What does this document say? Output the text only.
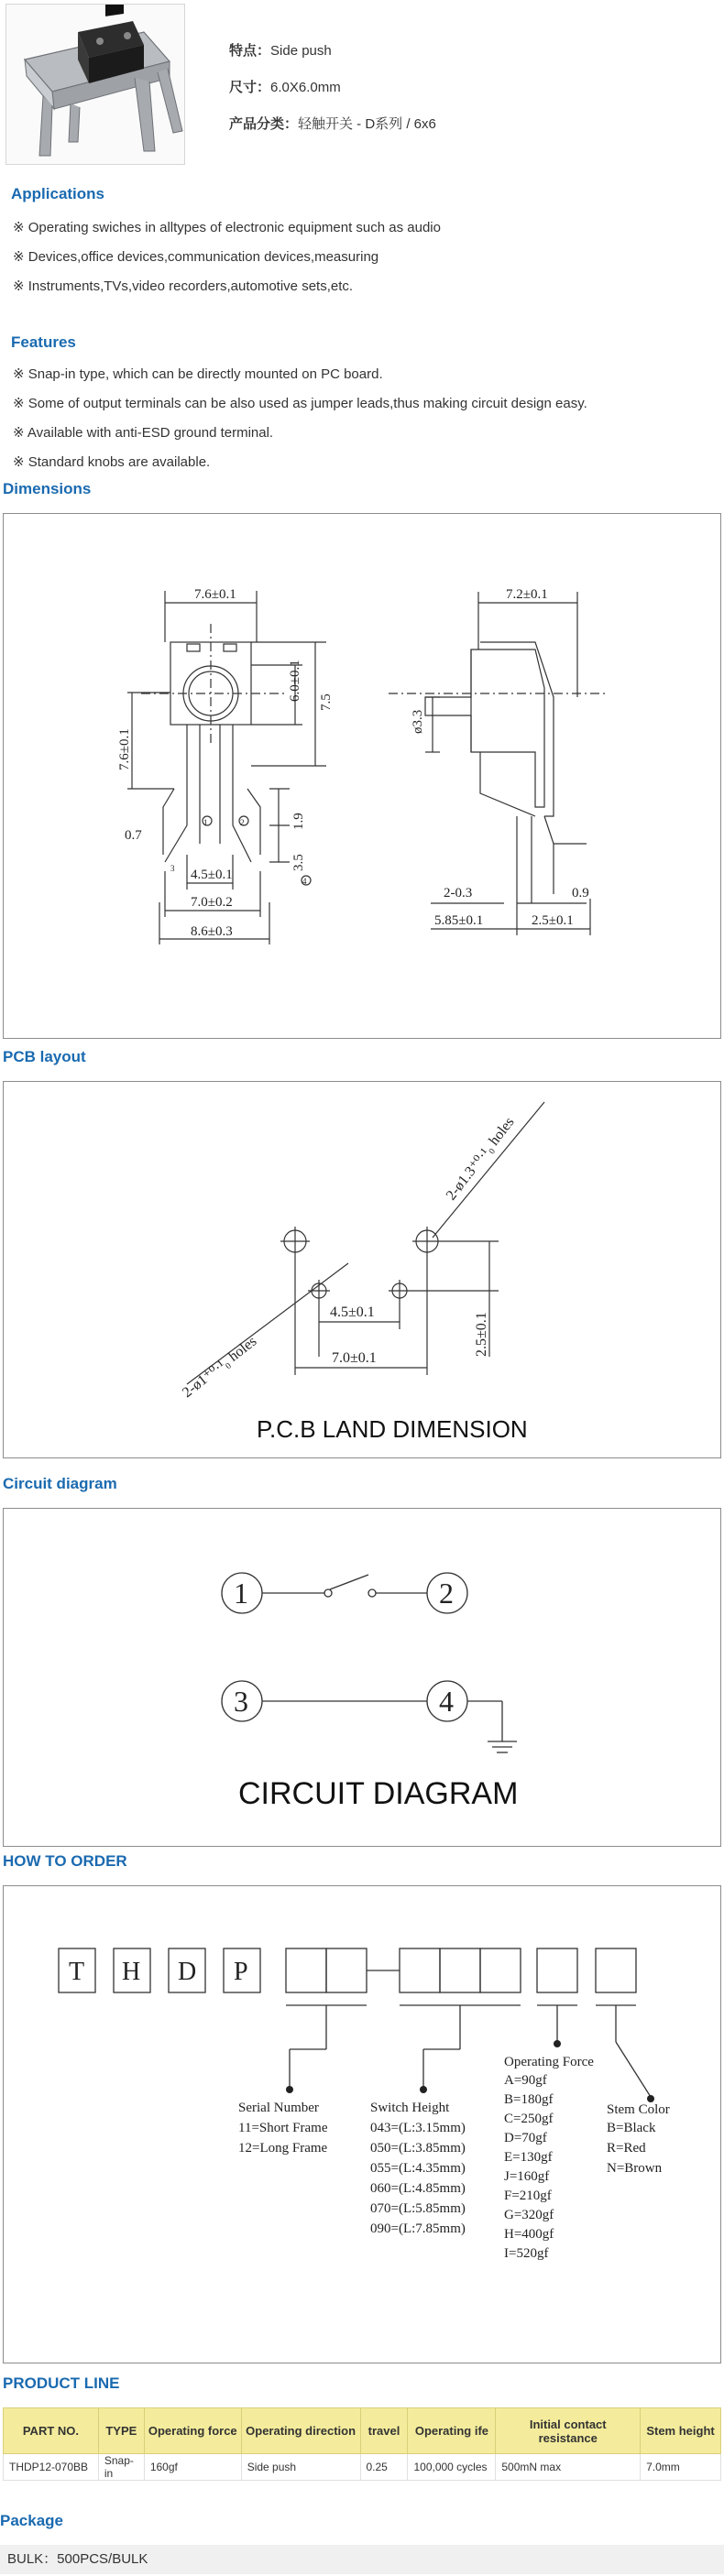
特点：Side push
尺寸：6.0X6.0mm
产品分类：轻触开关 - D系列 / 6x6
Applications
※ Operating swiches in alltypes of electronic equipment such as audio
※ Devices,office devices,communication devices,measuring
※ Instruments,TVs,video recorders,automotive sets,etc.
Features
※ Snap-in type, which can be directly mounted on PC board.
※ Some of output terminals can be also used as jumper leads,thus making circuit design easy.
※ Available with anti-ESD ground terminal.
※ Standard knobs are available.
Dimensions
7.6±0.1	7.2±0.1
6.0±0.1
7.5
ø3.3
7.6±0.1
0.7
1.9
3.5
4.5±0.1
7.0±0.2
8.6±0.3
2-0.3	0.9
5.85±0.1	2.5±0.1
1	2
3
4
PCB layout
2-ø1.3⁺⁰·¹₀ holes
2-ø1⁺⁰·¹₀ holes
4.5±0.1
7.0±0.1
2.5±0.1
P.C.B LAND DIMENSION
Circuit diagram
1	2
3	4
CIRCUIT DIAGRAM
HOW TO ORDER
T H D P
Serial Number
11=Short Frame
12=Long Frame
Switch Height
043=(L:3.15mm)
050=(L:3.85mm)
055=(L:4.35mm)
060=(L:4.85mm)
070=(L:5.85mm)
090=(L:7.85mm)
Operating Force
A=90gf
B=180gf
C=250gf
D=70gf
E=130gf
J=160gf
F=210gf
G=320gf
H=400gf
I=520gf
Stem Color
B=Black
R=Red
N=Brown
PRODUCT LINE
PART NO.	TYPE	Operating force	Operating direction	travel	Operating ife	Initial contact resistance	Stem height
THDP12-070BB	Snap-in	160gf	Side push	0.25	100,000 cycles	500mN max	7.0mm
Package
BULK：500PCS/BULK
